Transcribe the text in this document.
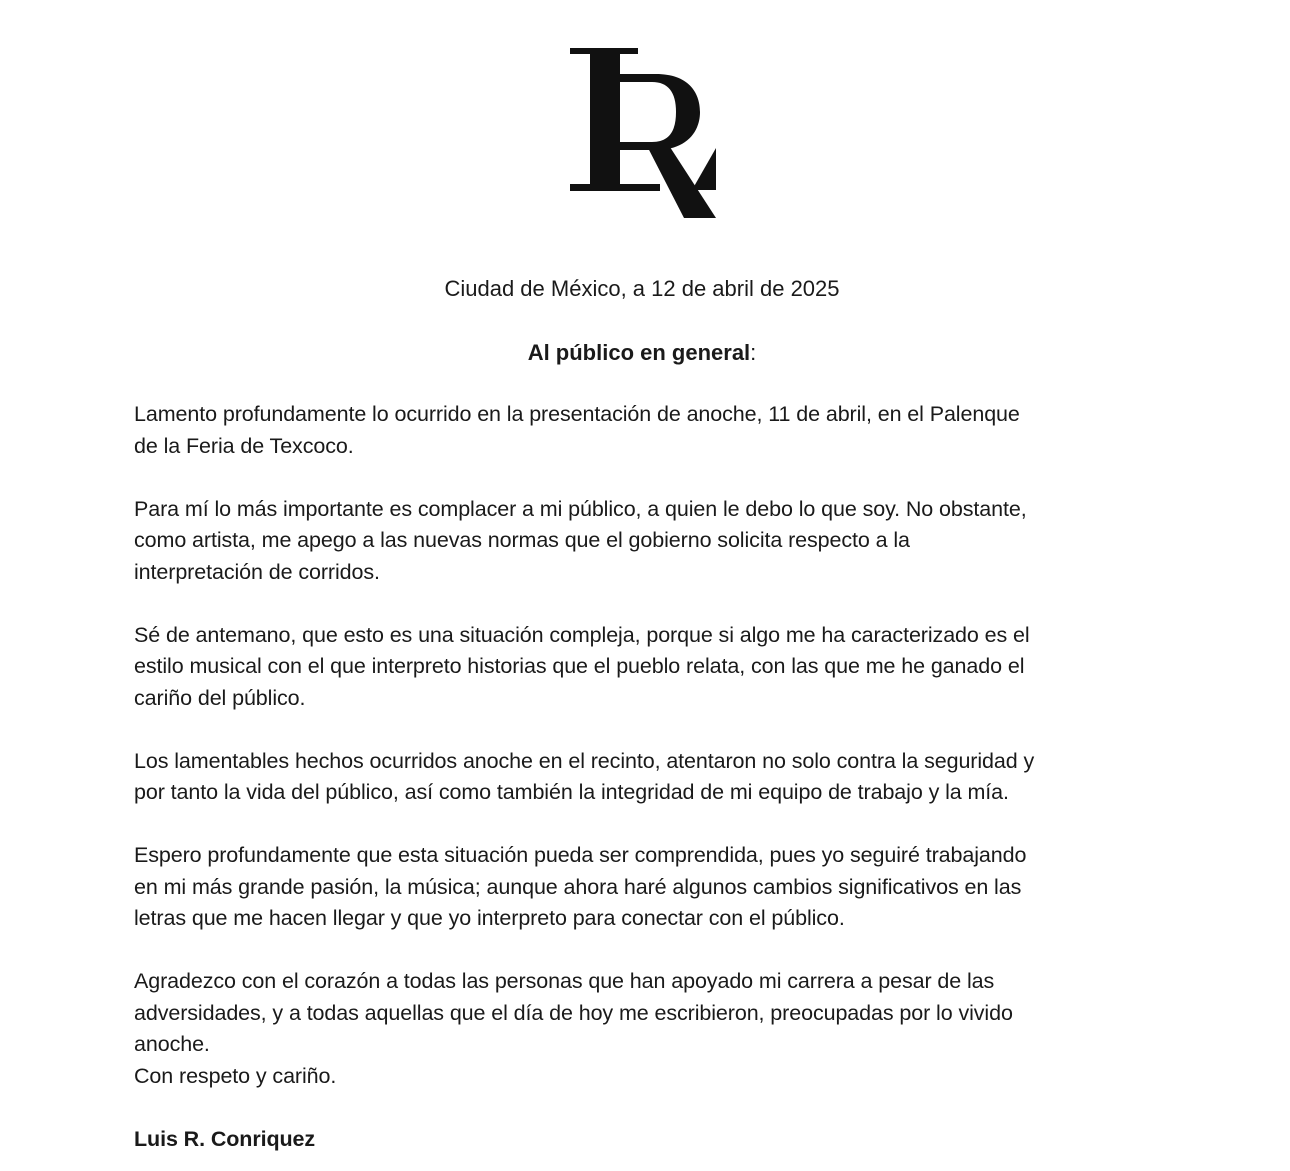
Ciudad de México, a 12 de abril de 2025
Al público en general:

Lamento profundamente lo ocurrido en la presentación de anoche, 11 de abril, en el Palenque
de la Feria de Texcoco.

Para mí lo más importante es complacer a mi público, a quien le debo lo que soy. No obstante,
como artista, me apego a las nuevas normas que el gobierno solicita respecto a la
interpretación de corridos.

Sé de antemano, que esto es una situación compleja, porque si algo me ha caracterizado es el
estilo musical con el que interpreto historias que el pueblo relata, con las que me he ganado el
cariño del público.

Los lamentables hechos ocurridos anoche en el recinto, atentaron no solo contra la seguridad y
por tanto la vida del público, así como también la integridad de mi equipo de trabajo y la mía.

Espero profundamente que esta situación pueda ser comprendida, pues yo seguiré trabajando
en mi más grande pasión, la música; aunque ahora haré algunos cambios significativos en las
letras que me hacen llegar y que yo interpreto para conectar con el público.

Agradezco con el corazón a todas las personas que han apoyado mi carrera a pesar de las
adversidades, y a todas aquellas que el día de hoy me escribieron, preocupadas por lo vivido
anoche.
Con respeto y cariño.

Luis R. Conriquez
